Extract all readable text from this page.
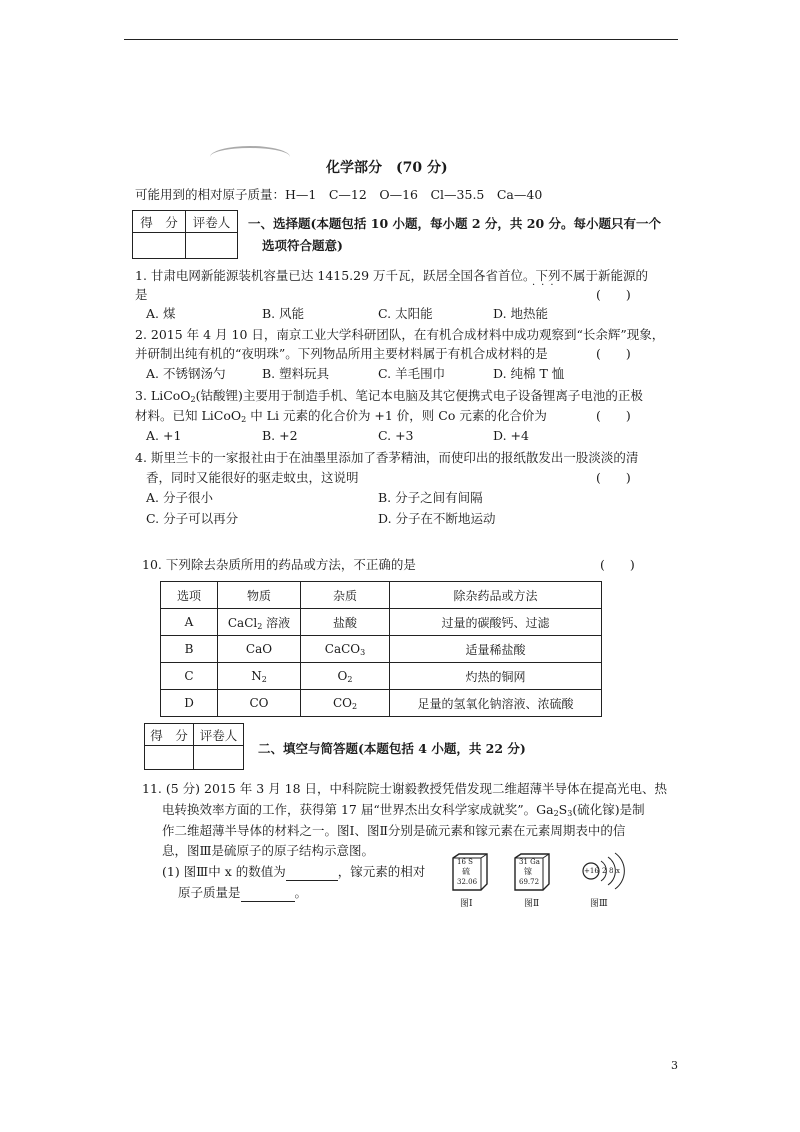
化学部分　(70 分)
可能用到的相对原子质量：H—1　C—12　O—16　Cl—35.5　Ca—40
得　分	评卷人
	一、选择题(本题包括 10 小题，每小题 2 分，共 20 分。每小题只有一个
选项符合题意)
1. 甘肃电网新能源装机容量已达 1415.29 万千瓦，跃居全国各省首位。下列不属于新能源的
···
是	(　　)
A. 煤	B. 风能	C. 太阳能	D. 地热能
2. 2015 年 4 月 10 日，南京工业大学科研团队，在有机合成材料中成功观察到“长余辉”现象，
并研制出纯有机的“夜明珠”。下列物品所用主要材料属于有机合成材料的是	(　　)
A. 不锈钢汤勺	B. 塑料玩具	C. 羊毛围巾	D. 纯棉 T 恤
3. LiCoO$_2$(钴酸锂)主要用于制造手机、笔记本电脑及其它便携式电子设备锂离子电池的正极
材料。已知 LiCoO$_2$ 中 Li 元素的化合价为 +1 价，则 Co 元素的化合价为	(　　)
A. +1	B. +2	C. +3	D. +4
4. 斯里兰卡的一家报社由于在油墨里添加了香茅精油，而使印出的报纸散发出一股淡淡的清
香，同时又能很好的驱走蚊虫，这说明	(　　)
A. 分子很小	B. 分子之间有间隔
C. 分子可以再分	D. 分子在不断地运动
10. 下列除去杂质所用的药品或方法，不正确的是	(　　)
选项	物质	杂质	除杂药品或方法
A	CaCl$_2$ 溶液	盐酸	过量的碳酸钙、过滤
B	CaO	CaCO$_3$	适量稀盐酸
C	$N_2$	$O_2$	灼热的铜网
D	CO	$CO_2$	足量的氢氧化钠溶液、浓硫酸
得　分	评卷人

二、填空与简答题(本题包括 4 小题，共 22 分)
11. (5 分) 2015 年 3 月 18 日，中科院院士谢毅教授凭借发现二维超薄半导体在提高光电、热
电转换效率方面的工作，获得第 17 届“世界杰出女科学家成就奖”。$Ga_2S_3$(硫化镓)是制
作二维超薄半导体的材料之一。图Ⅰ、图Ⅱ分别是硫元素和镓元素在元素周期表中的信
息，图Ⅲ是硫原子的原子结构示意图。
(1) 图Ⅲ中 x 的数值为	，镓元素的相对
原子质量是	。
16 S
硫
32.06
图Ⅰ
31 Ga
镓
69.72
图Ⅱ
+16 2 8 x
图Ⅲ
3
